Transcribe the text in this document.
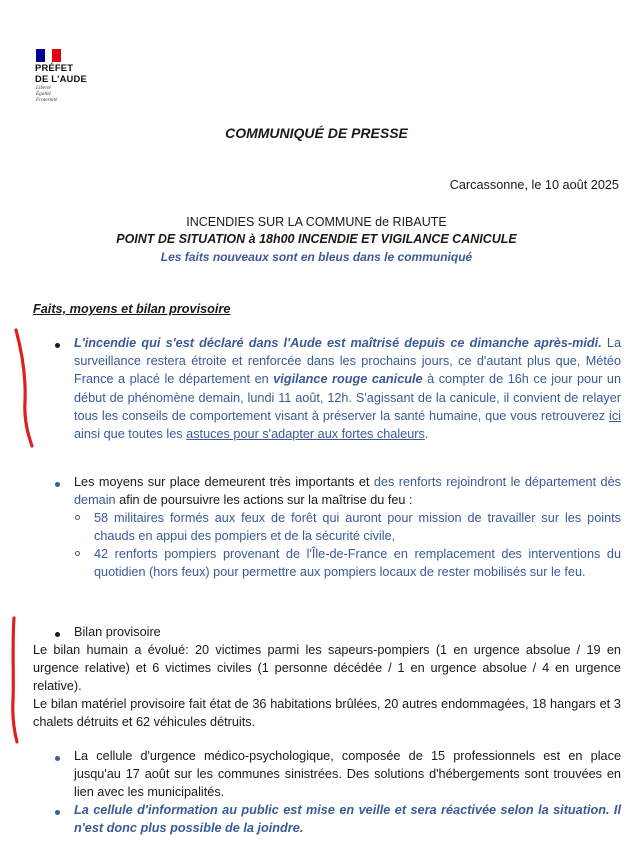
PRÉFET
DE L'AUDE
Liberté
Égalité
Fraternité
COMMUNIQUÉ DE PRESSE
Carcassonne, le 10 août 2025
INCENDIES SUR LA COMMUNE de RIBAUTE
POINT DE SITUATION à 18h00 INCENDIE ET VIGILANCE CANICULE
Les faits nouveaux sont en bleus dans le communiqué
Faits, moyens et bilan provisoire
L'incendie qui s'est déclaré dans l'Aude est maîtrisé depuis ce dimanche après-midi. La surveillance restera étroite et renforcée dans les prochains jours, ce d'autant plus que, Météo France a placé le département en vigilance rouge canicule à compter de 16h ce jour pour un début de phénomène demain, lundi 11 août, 12h. S'agissant de la canicule, il convient de relayer tous les conseils de comportement visant à préserver la santé humaine, que vous retrouverez ici ainsi que toutes les astuces pour s'adapter aux fortes chaleurs.
Les moyens sur place demeurent très importants et des renforts rejoindront le département dès demain afin de poursuivre les actions sur la maîtrise du feu :
58 militaires formés aux feux de forêt qui auront pour mission de travailler sur les points chauds en appui des pompiers et de la sécurité civile,
42 renforts pompiers provenant de l'Île-de-France en remplacement des interventions du quotidien (hors feux) pour permettre aux pompiers locaux de rester mobilisés sur le feu.
Bilan provisoire
Le bilan humain a évolué: 20 victimes parmi les sapeurs-pompiers (1 en urgence absolue / 19 en urgence relative) et 6 victimes civiles (1 personne décédée / 1 en urgence absolue / 4 en urgence relative).
Le bilan matériel provisoire fait état de 36 habitations brûlées, 20 autres endommagées, 18 hangars et 3 chalets détruits et 62 véhicules détruits.
La cellule d'urgence médico-psychologique, composée de 15 professionnels est en place jusqu'au 17 août sur les communes sinistrées. Des solutions d'hébergements sont trouvées en lien avec les municipalités.
La cellule d'information au public est mise en veille et sera réactivée selon la situation. Il n'est donc plus possible de la joindre.
